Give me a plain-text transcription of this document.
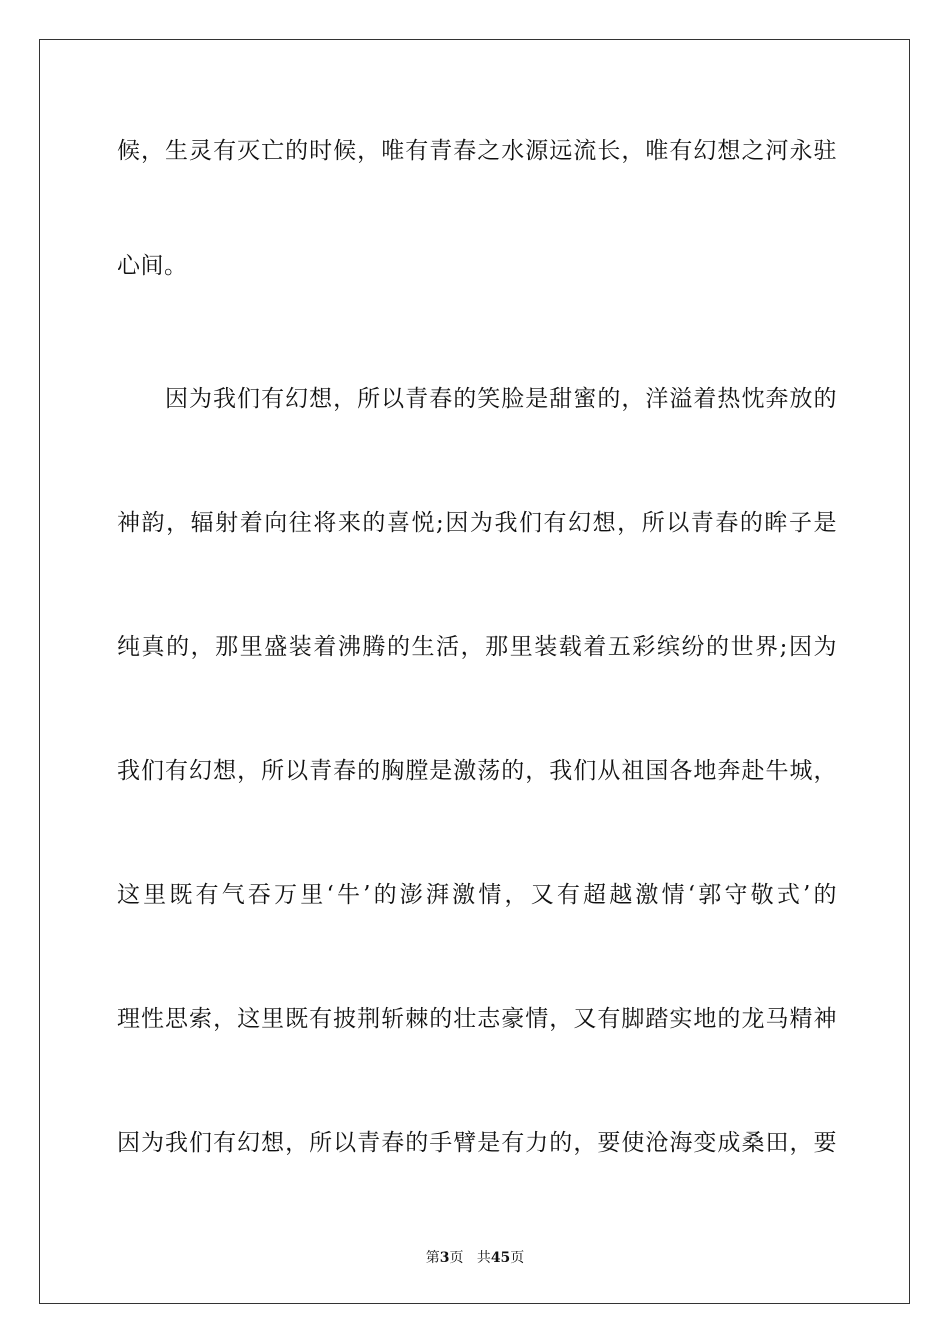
候，生灵有灭亡的时候，唯有青春之水源远流长，唯有幻想之河永驻
心间。
因为我们有幻想，所以青春的笑脸是甜蜜的，洋溢着热忱奔放的
神韵，辐射着向往将来的喜悦;因为我们有幻想，所以青春的眸子是
纯真的，那里盛装着沸腾的生活，那里装载着五彩缤纷的世界;因为
我们有幻想，所以青春的胸膛是激荡的，我们从祖国各地奔赴牛城，
这里既有气吞万里‘牛’的澎湃激情，又有超越激情‘郭守敬式’的
理性思索，这里既有披荆斩棘的壮志豪情，又有脚踏实地的龙马精神
因为我们有幻想，所以青春的手臂是有力的，要使沧海变成桑田，要
第3页 共45页
